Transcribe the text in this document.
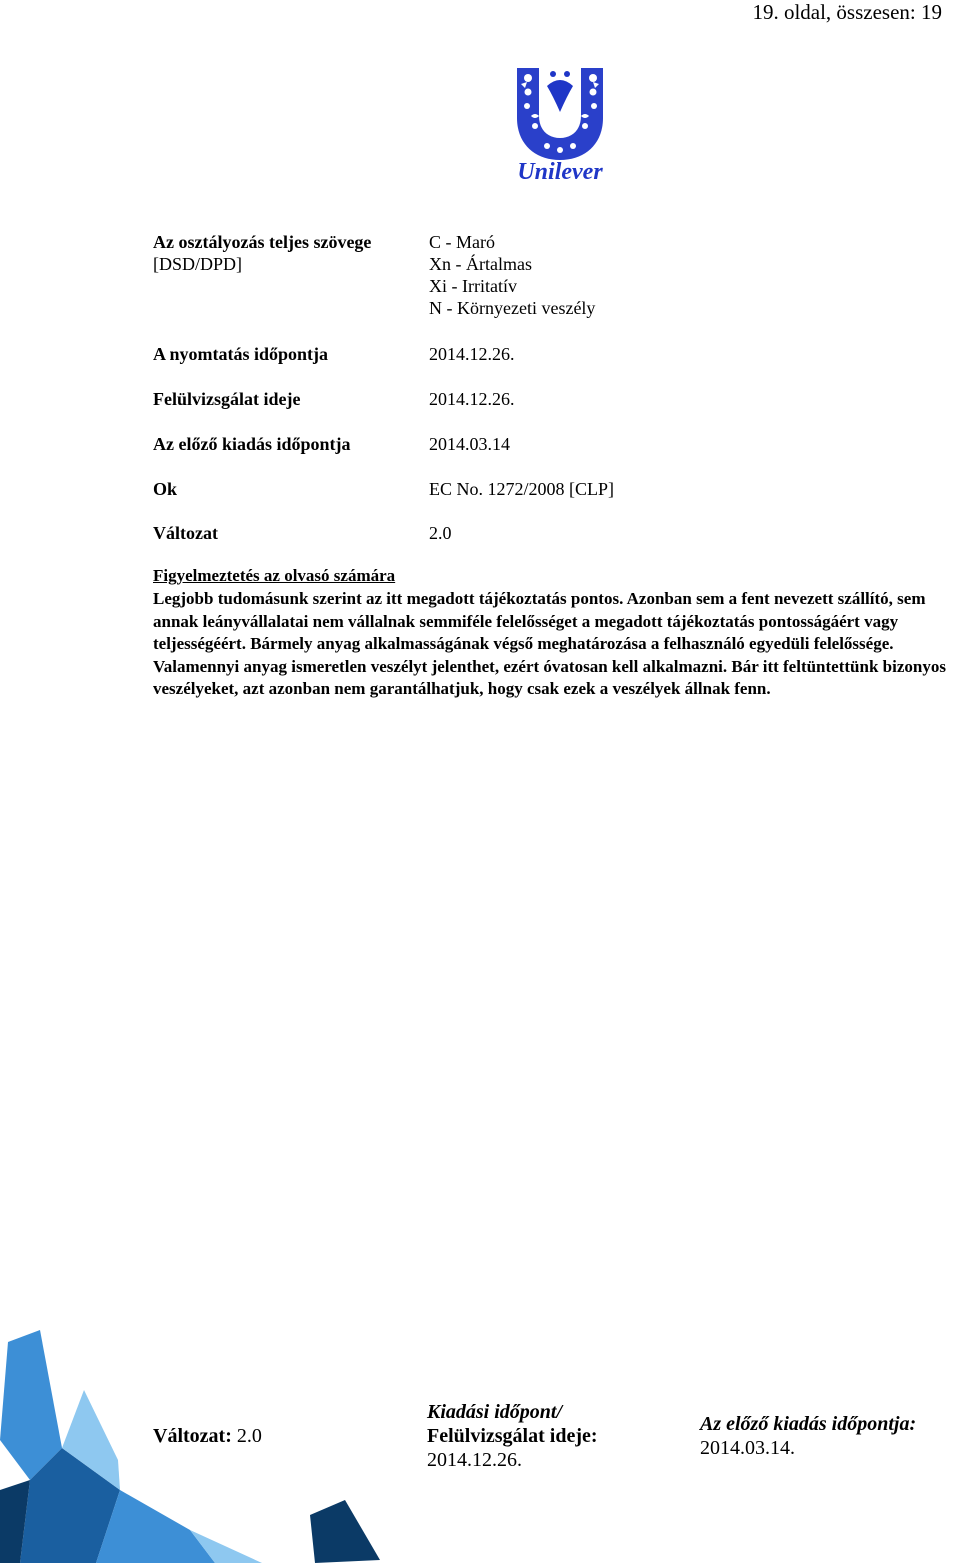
19. oldal, összesen: 19
Unilever
Az osztályozás teljes szövege
[DSD/DPD]
C - Maró
Xn - Ártalmas
Xi - Irritatív
N - Környezeti veszély
A nyomtatás időpontja	2014.12.26.
Felülvizsgálat ideje	2014.12.26.
Az előző kiadás időpontja	2014.03.14
Ok	EC No. 1272/2008 [CLP]
Változat	2.0
Figyelmeztetés az olvasó számára
Legjobb tudomásunk szerint az itt megadott tájékoztatás pontos. Azonban sem a fent nevezett szállító, sem annak leányvállalatai nem vállalnak semmiféle felelősséget a megadott tájékoztatás pontosságáért vagy teljességéért. Bármely anyag alkalmasságának végső meghatározása a felhasználó egyedüli felelőssége. Valamennyi anyag ismeretlen veszélyt jelenthet, ezért óvatosan kell alkalmazni. Bár itt feltüntettünk bizonyos veszélyeket, azt azonban nem garantálhatjuk, hogy csak ezek a veszélyek állnak fenn.
Változat: 2.0
Kiadási időpont/
Felülvizsgálat ideje:
2014.12.26.
Az előző kiadás időpontja:
2014.03.14.
